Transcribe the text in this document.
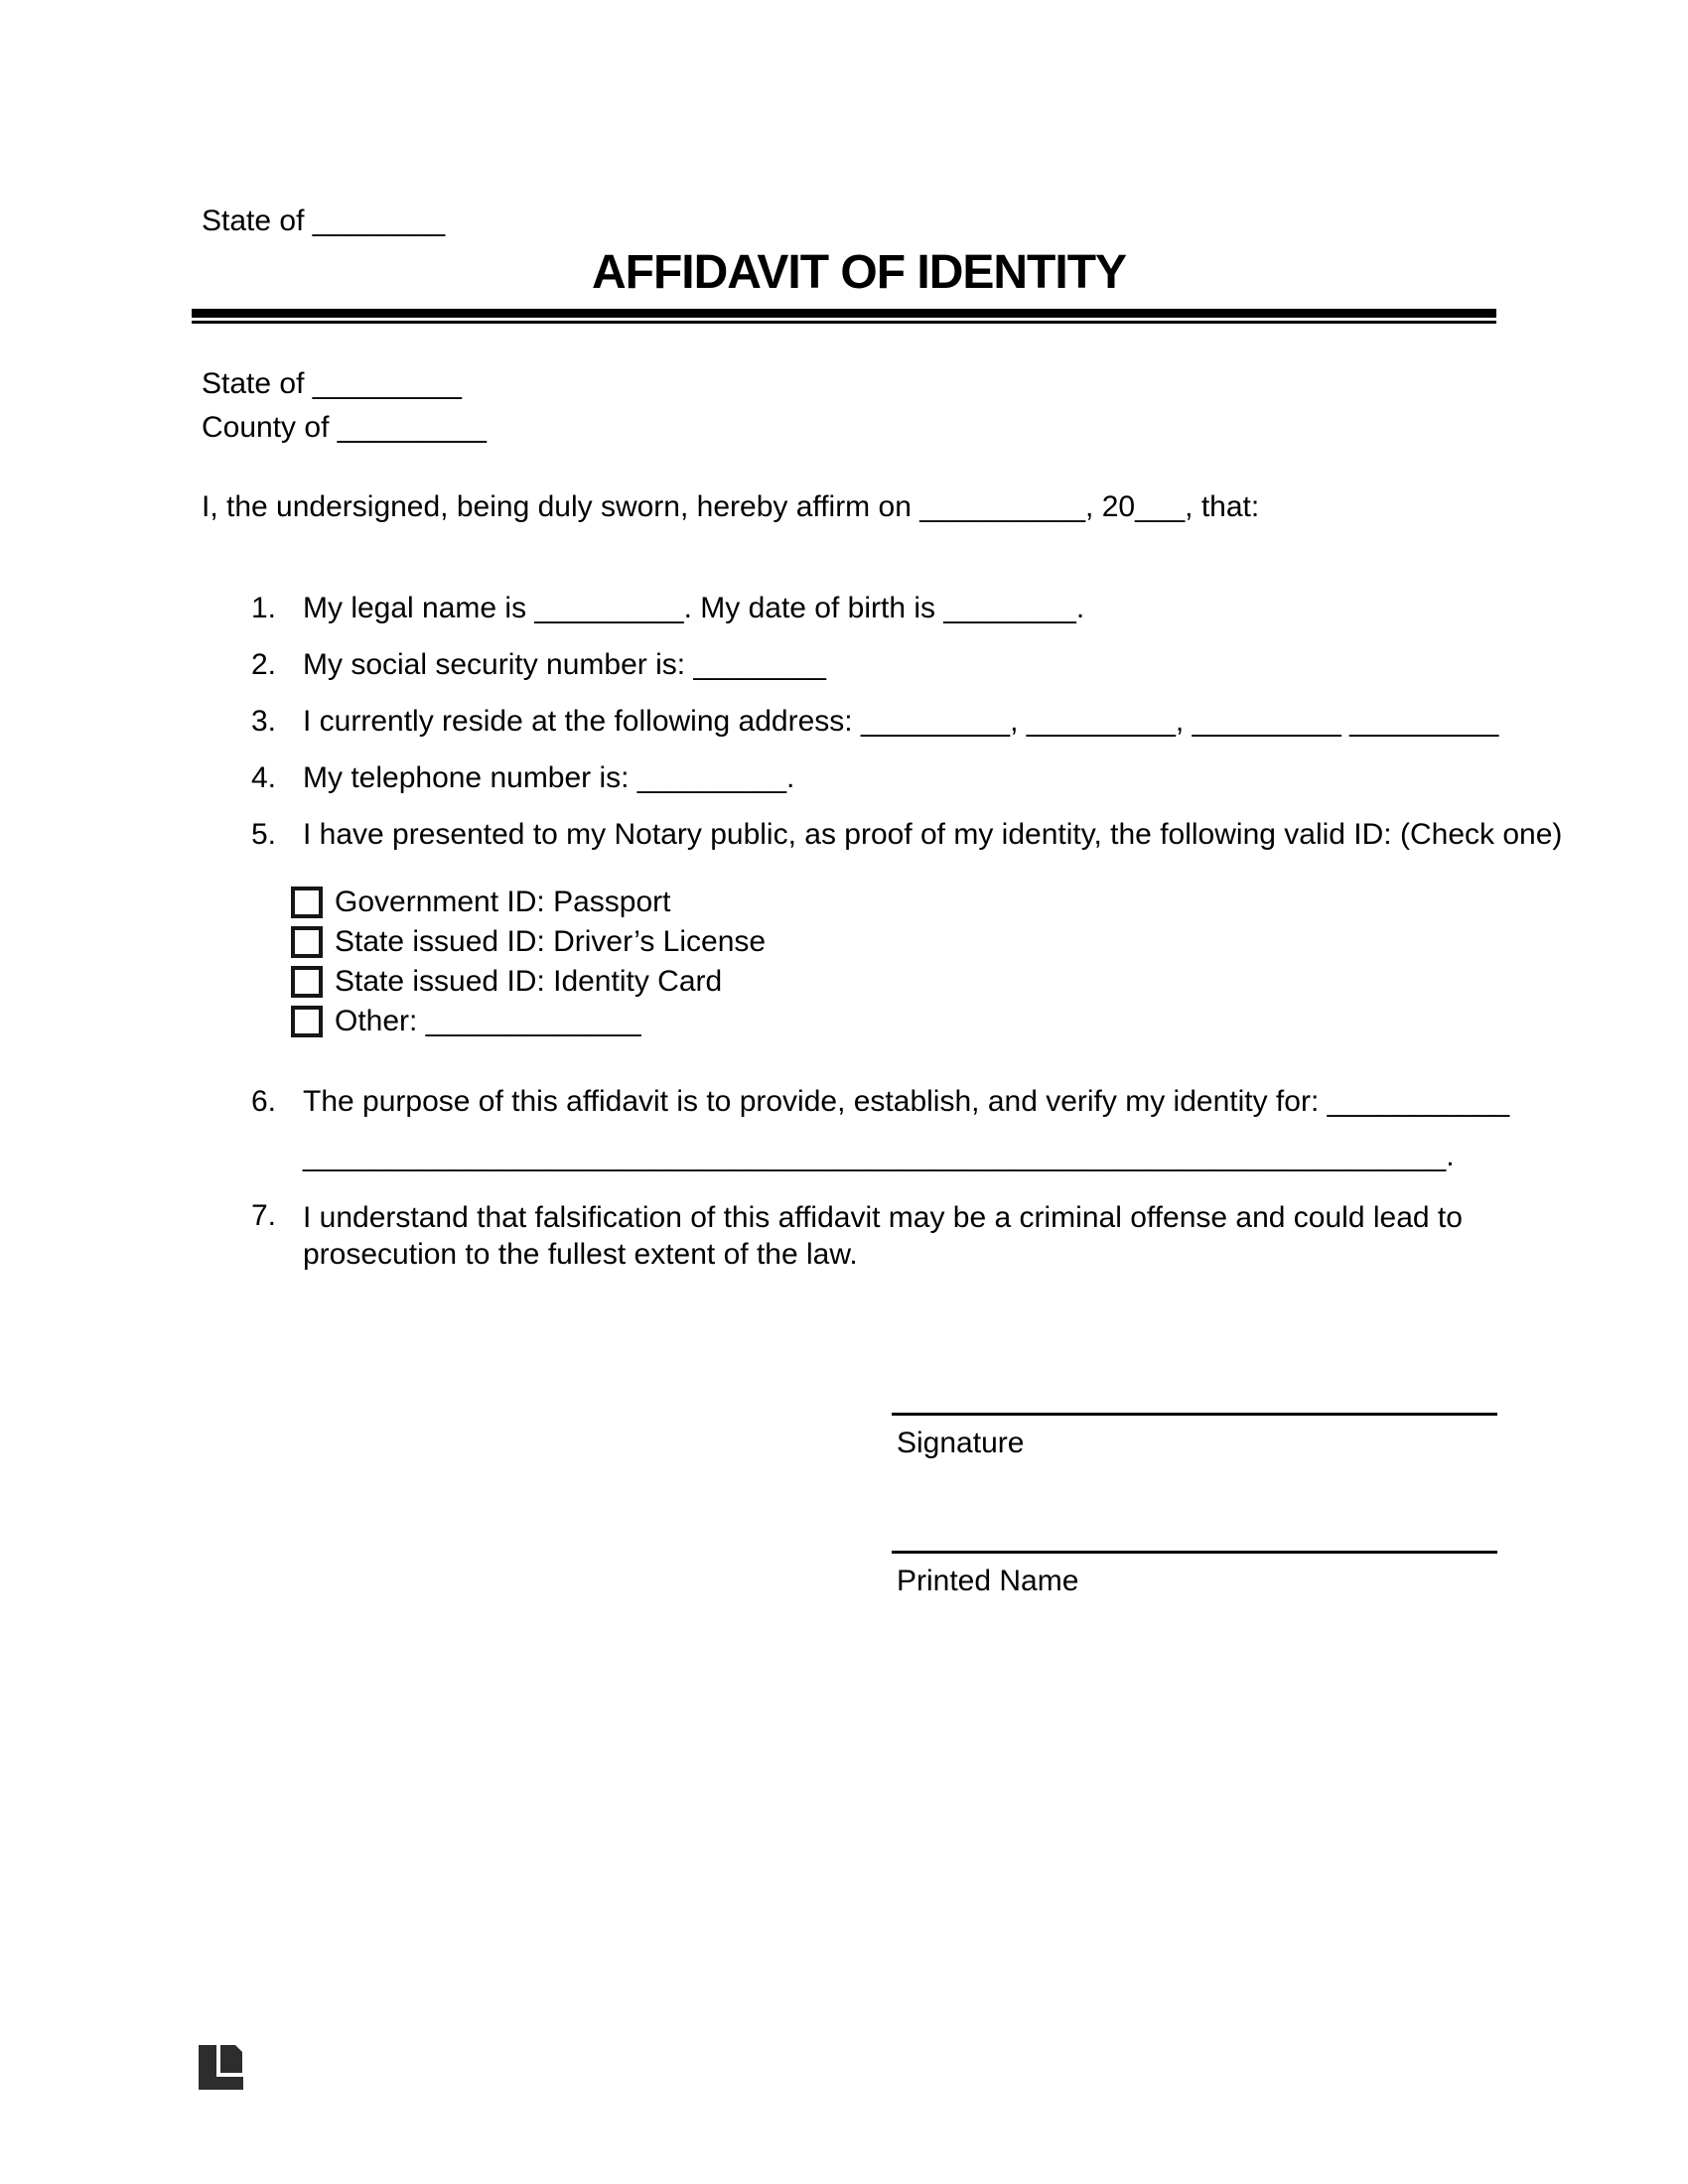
State of ________
AFFIDAVIT OF IDENTITY
State of _________
County of _________
I, the undersigned, being duly sworn, hereby affirm on __________, 20___, that:
1. My legal name is _________. My date of birth is ________.
2. My social security number is: ________
3. I currently reside at the following address: _________, _________, _________ _________
4. My telephone number is: _________.
5. I have presented to my Notary public, as proof of my identity, the following valid ID: (Check one)
Government ID: Passport
State issued ID: Driver’s License
State issued ID: Identity Card
Other: _____________
6. The purpose of this affidavit is to provide, establish, and verify my identity for: ___________
_____________________________________________________________________.
7. I understand that falsification of this affidavit may be a criminal offense and could lead to
prosecution to the fullest extent of the law.
Signature
Printed Name
